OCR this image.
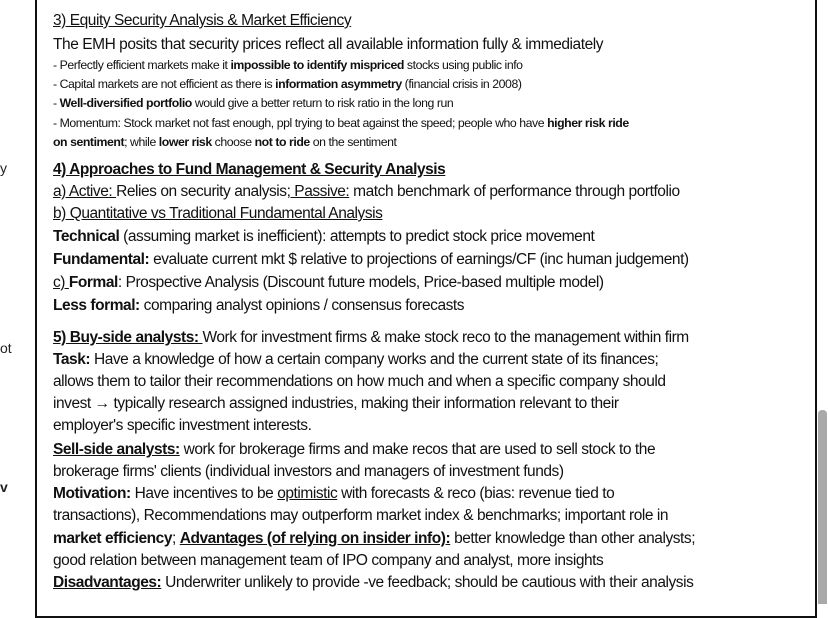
y
ot
v
3) Equity Security Analysis & Market Efficiency
The EMH posits that security prices reflect all available information fully & immediately
- Perfectly efficient markets make it impossible to identify mispriced stocks using public info
- Capital markets are not efficient as there is information asymmetry (financial crisis in 2008)
- Well-diversified portfolio would give a better return to risk ratio in the long run
- Momentum: Stock market not fast enough, ppl trying to beat against the speed; people who have higher risk ride
on sentiment; while lower risk choose not to ride on the sentiment
4) Approaches to Fund Management & Security Analysis
a) Active: Relies on security analysis; Passive: match benchmark of performance through portfolio
b) Quantitative vs Traditional Fundamental Analysis
Technical (assuming market is inefficient): attempts to predict stock price movement
Fundamental: evaluate current mkt $ relative to projections of earnings/CF (inc human judgement)
c) Formal: Prospective Analysis (Discount future models, Price-based multiple model)
Less formal: comparing analyst opinions / consensus forecasts
5) Buy-side analysts: Work for investment firms & make stock reco to the management within firm
Task: Have a knowledge of how a certain company works and the current state of its finances;
allows them to tailor their recommendations on how much and when a specific company should
invest → typically research assigned industries, making their information relevant to their
employer's specific investment interests.
Sell-side analysts: work for brokerage firms and make recos that are used to sell stock to the
brokerage firms' clients (individual investors and managers of investment funds)
Motivation: Have incentives to be optimistic with forecasts & reco (bias: revenue tied to
transactions), Recommendations may outperform market index & benchmarks; important role in
market efficiency; Advantages (of relying on insider info): better knowledge than other analysts;
good relation between management team of IPO company and analyst, more insights
Disadvantages: Underwriter unlikely to provide -ve feedback; should be cautious with their analysis
